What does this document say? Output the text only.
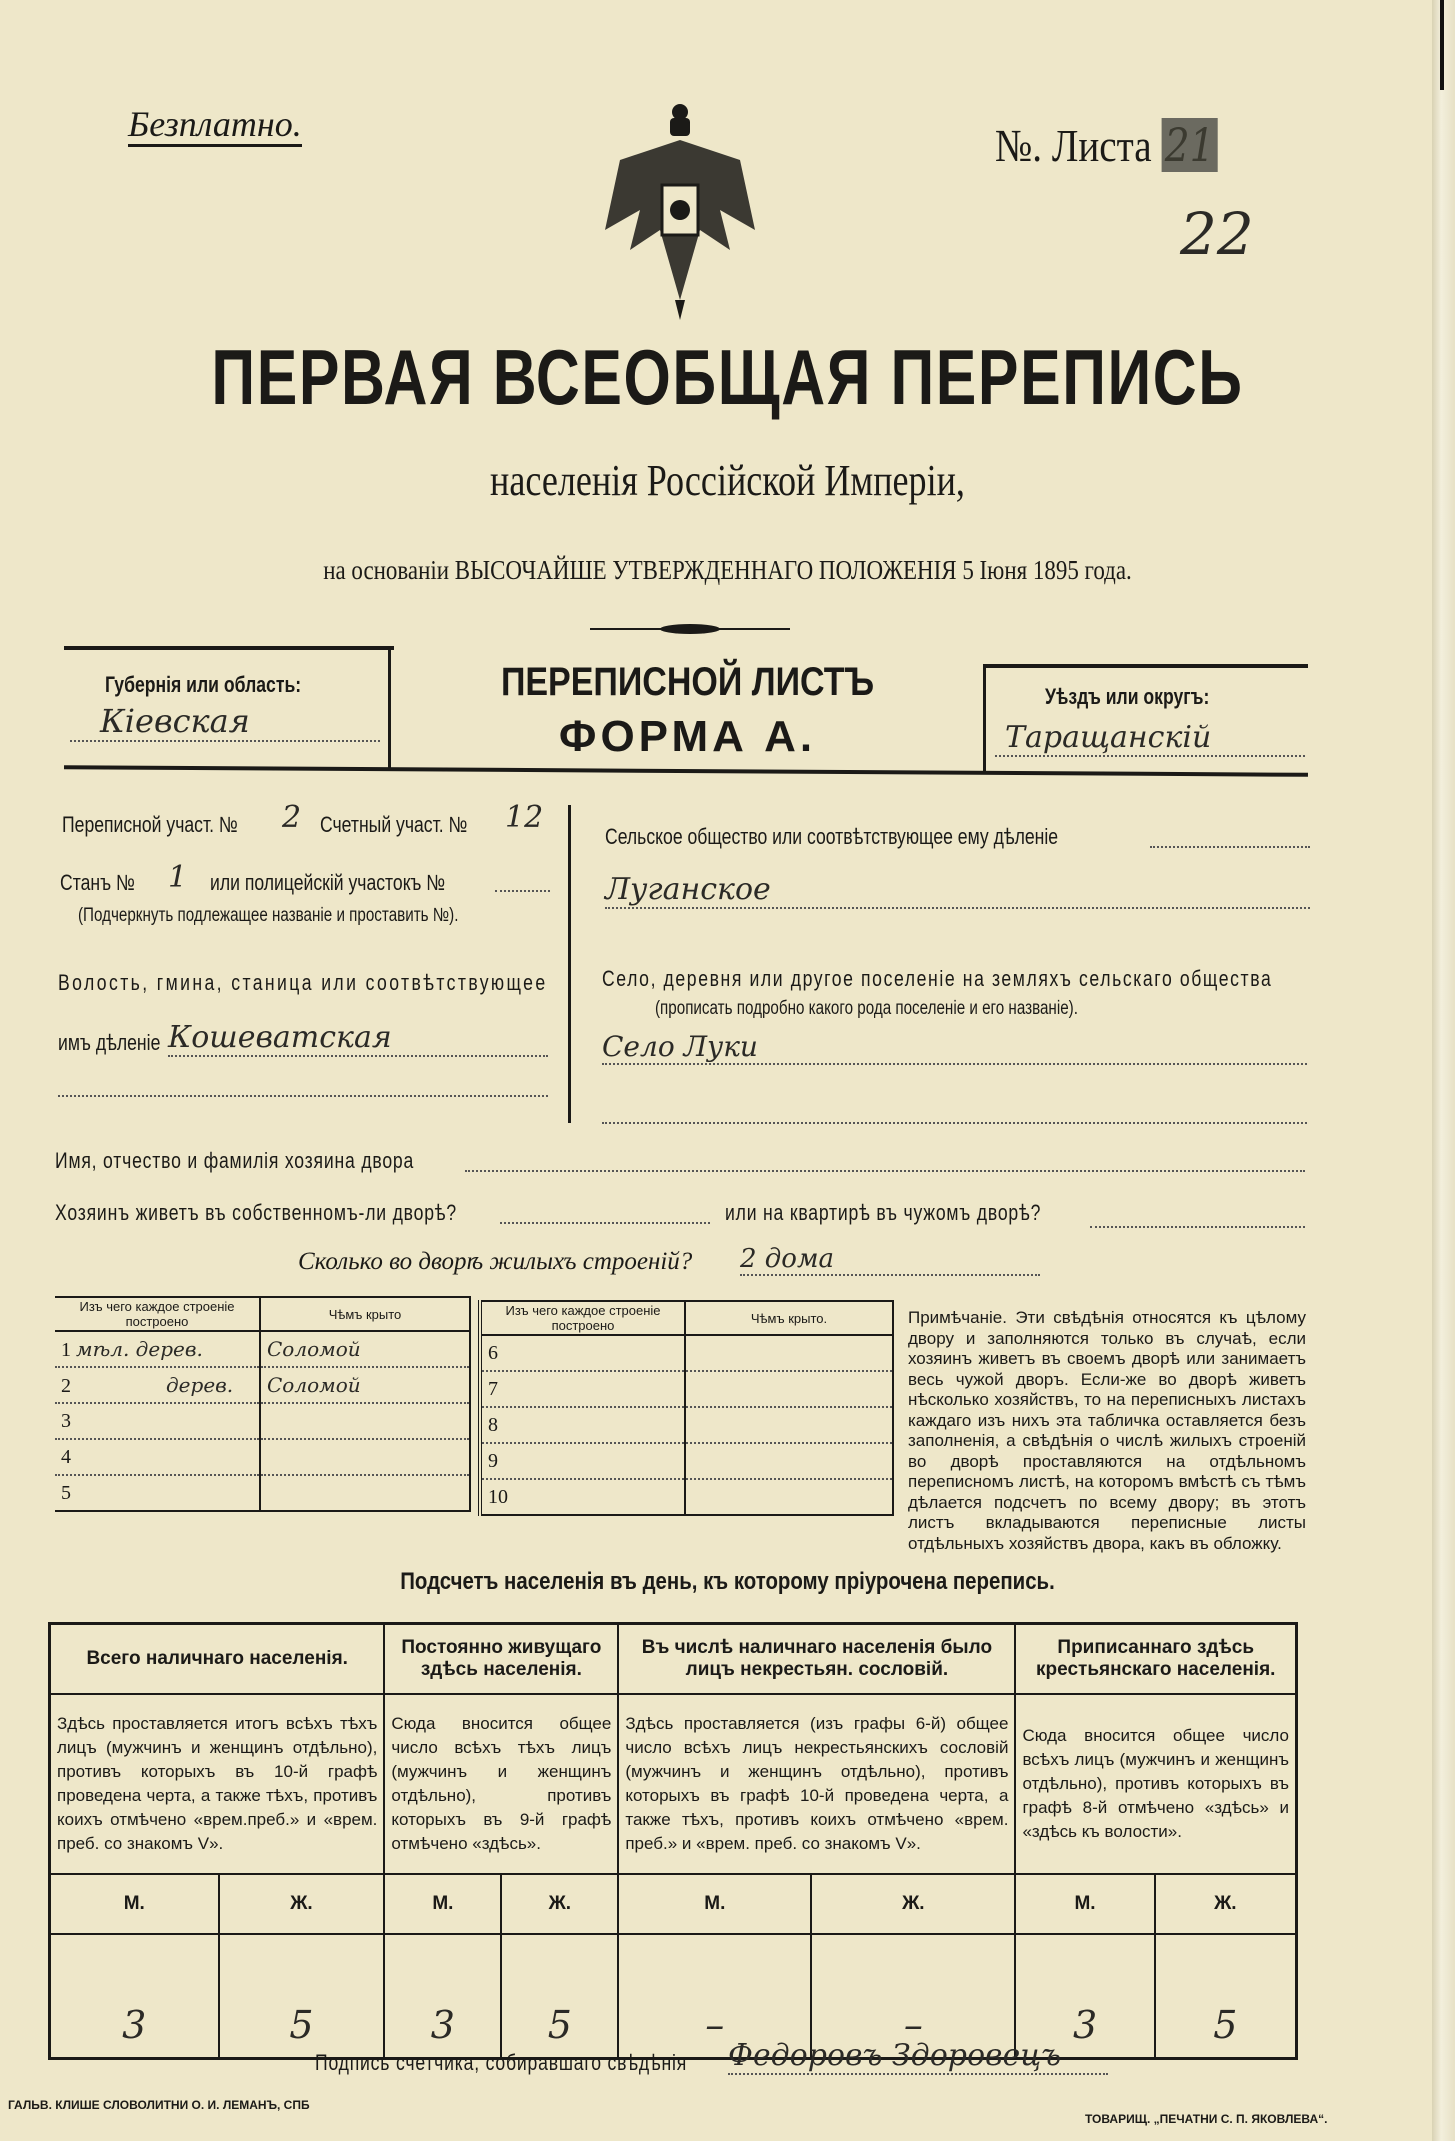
Безплатно.	№. Листа 21
22
ПЕРВАЯ ВСЕОБЩАЯ ПЕРЕПИСЬ
населенія Россійской Имперіи,
на основаніи ВЫСОЧАЙШЕ УТВЕРЖДЕННАГО ПОЛОЖЕНІЯ 5 Іюня 1895 года.
Губернія или область:
Кіевская
ПЕРЕПИСНОЙ ЛИСТЪ
ФОРМА А.
Уѣздъ или округъ:
Таращанскій
Переписной участ. № 2 Счетный участ. № 12
Станъ № 1 или полицейскій участокъ №
(Подчеркнуть подлежащее названіе и проставить №).
Волость, гмина, станица или соотвѣтствующее
имъ дѣленіе Кошеватская
Сельское общество или соотвѣтствующее ему дѣленіе
Луганское
Село, деревня или другое поселеніе на земляхъ сельскаго общества
(прописать подробно какого рода поселеніе и его названіе).
Село Луки
Имя, отчество и фамилія хозяина двора
Хозяинъ живетъ въ собственномъ-ли дворѣ?	или на квартирѣ въ чужомъ дворѣ?
Сколько во дворѣ жилыхъ строеній? 2 дома
Изъ чего каждое строеніе построено	Чѣмъ крыто
1 мѣл. дерев.	Соломой
2 дерев.	Соломой
3	
4	
5	
Изъ чего каждое строеніе построено	Чѣмъ крыто.
6	
7	
8	
9	
10	
Примѣчаніе. Эти свѣдѣнія относятся къ цѣлому двору и заполняются только въ случаѣ, если хозяинъ живетъ въ своемъ дворѣ или занимаетъ весь чужой дворъ. Если-же во дворѣ живетъ нѣсколько хозяйствъ, то на переписныхъ листахъ каждаго изъ нихъ эта табличка оставляется безъ заполненія, а свѣдѣнія о числѣ жилыхъ строеній во дворѣ проставляются на отдѣльномъ переписномъ листѣ, на которомъ вмѣстѣ съ тѣмъ дѣлается подсчетъ по всему двору; въ этотъ листъ вкладываются переписные листы отдѣльныхъ хозяйствъ двора, какъ въ обложку.
Подсчетъ населенія въ день, къ которому пріурочена перепись.
Всего наличнаго населенія.		Постоянно живущаго здѣсь населенія.		Въ числѣ наличнаго населенія было лицъ некрестьян. сословій.		Приписаннаго здѣсь крестьянскаго населенія.	
Здѣсь проставляется итогъ всѣхъ тѣхъ лицъ (мужчинъ и женщинъ отдѣльно), противъ которыхъ въ 10-й графѣ проведена черта, а также тѣхъ, противъ коихъ отмѣчено «врем.преб.» и «врем. преб. со знакомъ V».		Сюда вносится общее число всѣхъ тѣхъ лицъ (мужчинъ и женщинъ отдѣльно), противъ которыхъ въ 9-й графѣ отмѣчено «здѣсь».		Здѣсь проставляется (изъ графы 6-й) общее число всѣхъ лицъ некрестьянскихъ сословій (мужчинъ и женщинъ отдѣльно), противъ которыхъ въ графѣ 10-й проведена черта, а также тѣхъ, противъ коихъ отмѣчено «врем. преб.» и «врем. преб. со знакомъ V».		Сюда вносится общее число всѣхъ лицъ (мужчинъ и женщинъ отдѣльно), противъ которыхъ въ графѣ 8-й отмѣчено «здѣсь» и «здѣсь къ волости».	
М.	Ж.	М.	Ж.	М.	Ж.	М.	Ж.
3	5	3	5	–	–	3	5
Подпись счетчика, собиравшаго свѣдѣнія Федоровъ Здоровецъ
ГАЛЬВ. КЛИШЕ СЛОВОЛИТНИ О. И. ЛЕМАНЪ, СПБ
ТОВАРИЩ. „ПЕЧАТНИ С. П. ЯКОВЛЕВА“.
